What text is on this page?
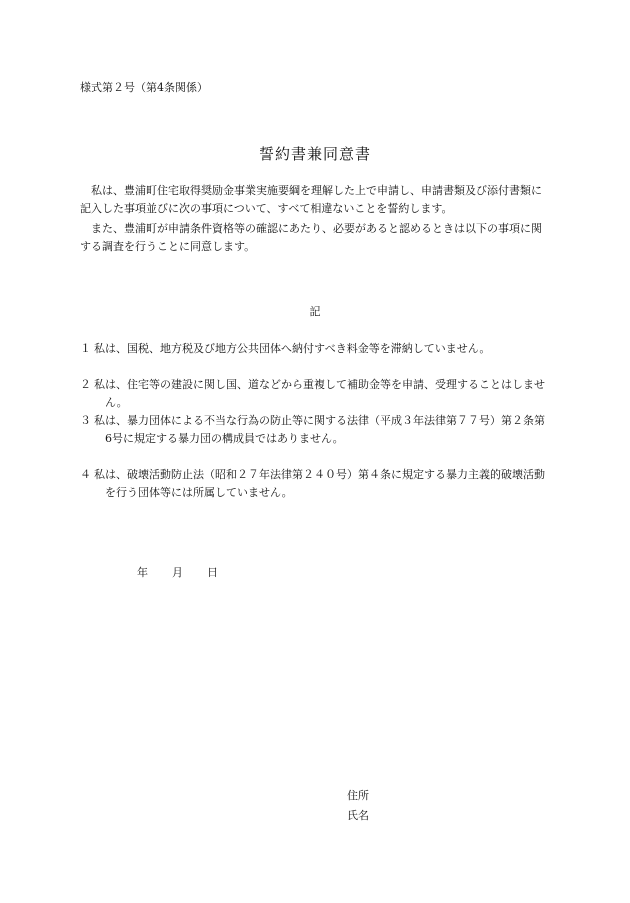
様式第２号（第4条関係）
誓約書兼同意書

私は、豊浦町住宅取得奨励金事業実施要綱を理解した上で申請し、申請書類及び添付書類に記入した事項並びに次の事項について、すべて相違ないことを誓約します。

また、豊浦町が申請条件資格等の確認にあたり、必要があると認めるときは以下の事項に関する調査を行うことに同意します。

記
１ 私は、国税、地方税及び地方公共団体へ納付すべき料金等を滞納していません。
２ 私は、住宅等の建設に関し国、道などから重複して補助金等を申請、受理することはしません。
３ 私は、暴力団体による不当な行為の防止等に関する法律（平成３年法律第７７号）第２条第6号に規定する暴力団の構成員ではありません。
４ 私は、破壊活動防止法（昭和２７年法律第２４０号）第４条に規定する暴力主義的破壊活動を行う団体等には所属していません。
年 月 日
住所
氏名
